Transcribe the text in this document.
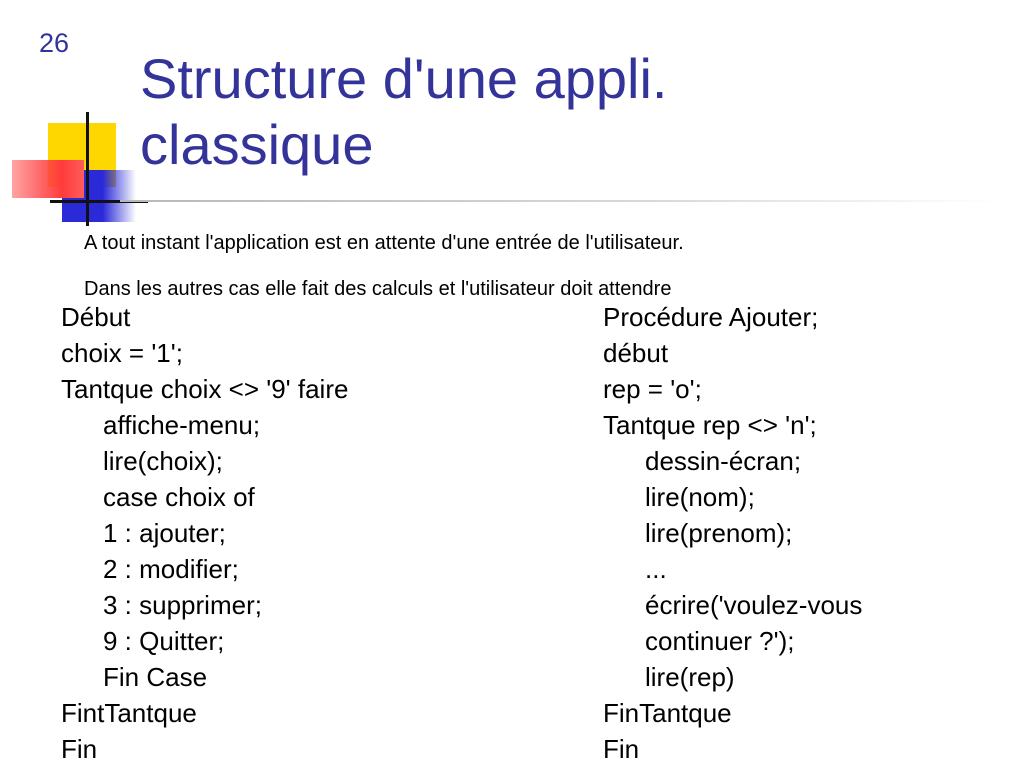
26
Structure d'une appli.
classique

A tout instant l'application est en attente d'une entrée de l'utilisateur.

Dans les autres cas elle fait des calculs et l'utilisateur doit attendre

Début
choix = '1';
Tantque choix <> '9' faire
affiche-menu;
lire(choix);
case choix of
1 : ajouter;
2 : modifier;
3 : supprimer;
9 : Quitter;
Fin Case
FintTantque
Fin
Procédure Ajouter;
début
rep = 'o';
Tantque rep <> 'n';
dessin-écran;
lire(nom);
lire(prenom);
...
écrire('voulez-vous
continuer ?');
lire(rep)
FinTantque
Fin
